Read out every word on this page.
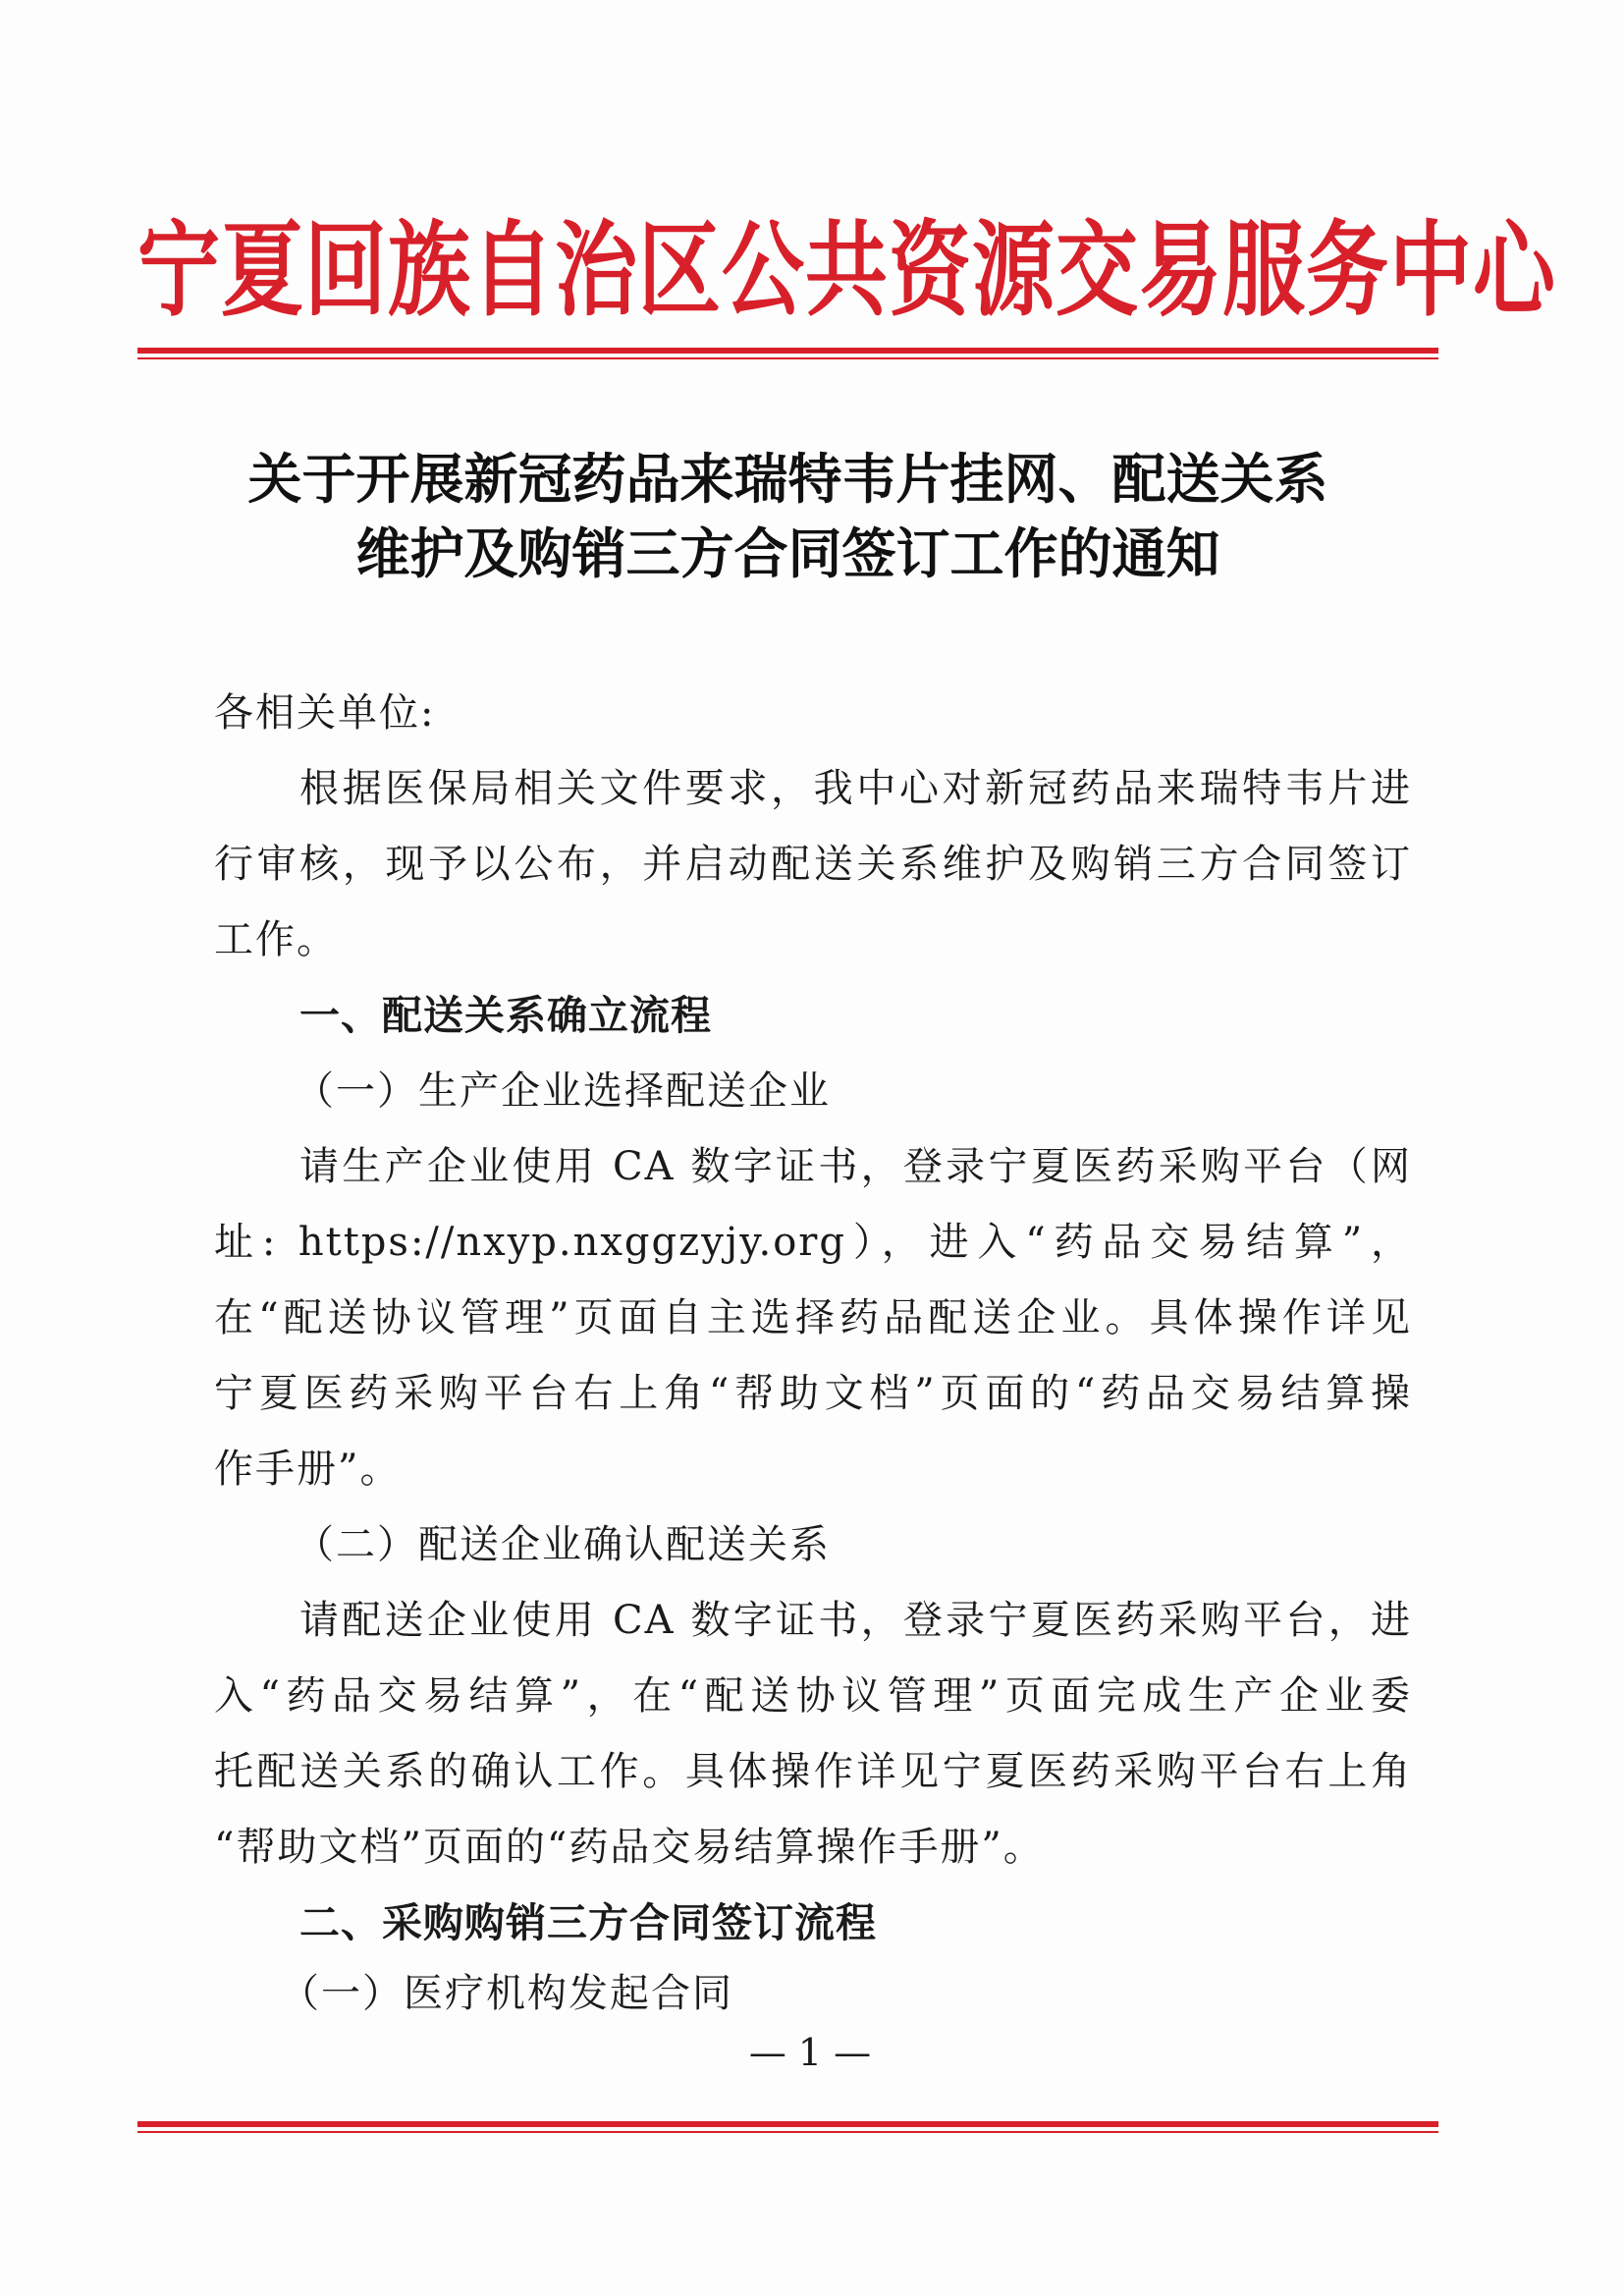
宁夏回族自治区公共资源交易服务中心
关于开展新冠药品来瑞特韦片挂网、配送关系
维护及购销三方合同签订工作的通知
各相关单位:
根据医保局相关文件要求，我中心对新冠药品来瑞特韦片进
行审核，现予以公布，并启动配送关系维护及购销三方合同签订
工作。
一、配送关系确立流程
（一）生产企业选择配送企业
请生产企业使用 CA 数字证书，登录宁夏医药采购平台（网
址: https://nxyp.nxggzyjy.org），进入“药品交易结算”，
在“配送协议管理”页面自主选择药品配送企业。具体操作详见
宁夏医药采购平台右上角“帮助文档”页面的“药品交易结算操
作手册”。
（二）配送企业确认配送关系
请配送企业使用 CA 数字证书，登录宁夏医药采购平台，进
入“药品交易结算”，在“配送协议管理”页面完成生产企业委
托配送关系的确认工作。具体操作详见宁夏医药采购平台右上角
“帮助文档”页面的“药品交易结算操作手册”。
二、采购购销三方合同签订流程
（一）医疗机构发起合同
— 1 —
